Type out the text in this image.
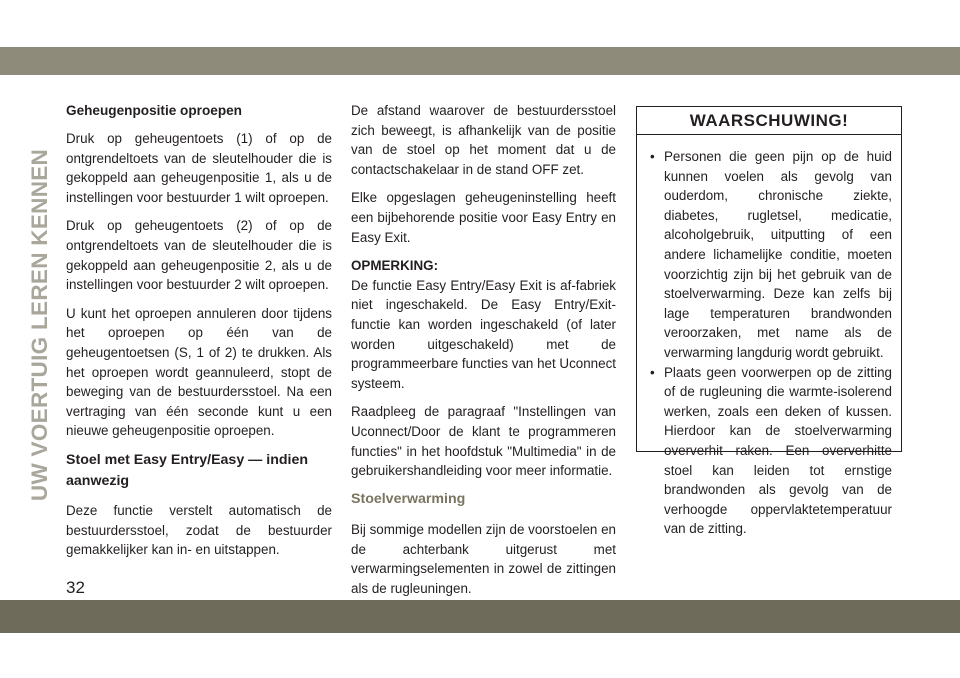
UW VOERTUIG LEREN KENNEN
Geheugenpositie oproepen

Druk op geheugentoets (1) of op de ontgrendeltoets van de sleutelhouder die is gekoppeld aan geheugenpositie 1, als u de instellingen voor bestuurder 1 wilt oproepen.

Druk op geheugentoets (2) of op de ontgrendeltoets van de sleutelhouder die is gekoppeld aan geheugenpositie 2, als u de instellingen voor bestuurder 2 wilt oproepen.

U kunt het oproepen annuleren door tijdens het oproepen op één van de geheugentoetsen (S, 1 of 2) te drukken. Als het oproepen wordt geannuleerd, stopt de beweging van de bestuurdersstoel. Na een vertraging van één seconde kunt u een nieuwe geheugenpositie oproepen.

Stoel met Easy Entry/Easy — indien aanwezig

Deze functie verstelt automatisch de bestuurdersstoel, zodat de bestuurder gemakkelijker kan in- en uitstappen.

De afstand waarover de bestuurdersstoel zich beweegt, is afhankelijk van de positie van de stoel op het moment dat u de contactschakelaar in de stand OFF zet.

Elke opgeslagen geheugeninstelling heeft een bijbehorende positie voor Easy Entry en Easy Exit.

OPMERKING:

De functie Easy Entry/Easy Exit is af-fabriek niet ingeschakeld. De Easy Entry/Exit-functie kan worden ingeschakeld (of later worden uitgeschakeld) met de programmeerbare functies van het Uconnect systeem.

Raadpleeg de paragraaf "Instellingen van Uconnect/Door de klant te programmeren functies" in het hoofdstuk "Multimedia" in de gebruikershandleiding voor meer informatie.

Stoelverwarming

Bij sommige modellen zijn de voorstoelen en de achterbank uitgerust met verwarmingselementen in zowel de zittingen als de rugleuningen.

WAARSCHUWING!
• Personen die geen pijn op de huid kunnen voelen als gevolg van ouderdom, chronische ziekte, diabetes, rugletsel, medicatie, alcoholgebruik, uitputting of een andere lichamelijke conditie, moeten voorzichtig zijn bij het gebruik van de stoelverwarming. Deze kan zelfs bij lage temperaturen brandwonden veroorzaken, met name als de verwarming langdurig wordt gebruikt.
• Plaats geen voorwerpen op de zitting of de rugleuning die warmte-isolerend werken, zoals een deken of kussen. Hierdoor kan de stoelverwarming oververhit raken. Een oververhitte stoel kan leiden tot ernstige brandwonden als gevolg van de verhoogde oppervlaktetemperatuur van de zitting.
32
